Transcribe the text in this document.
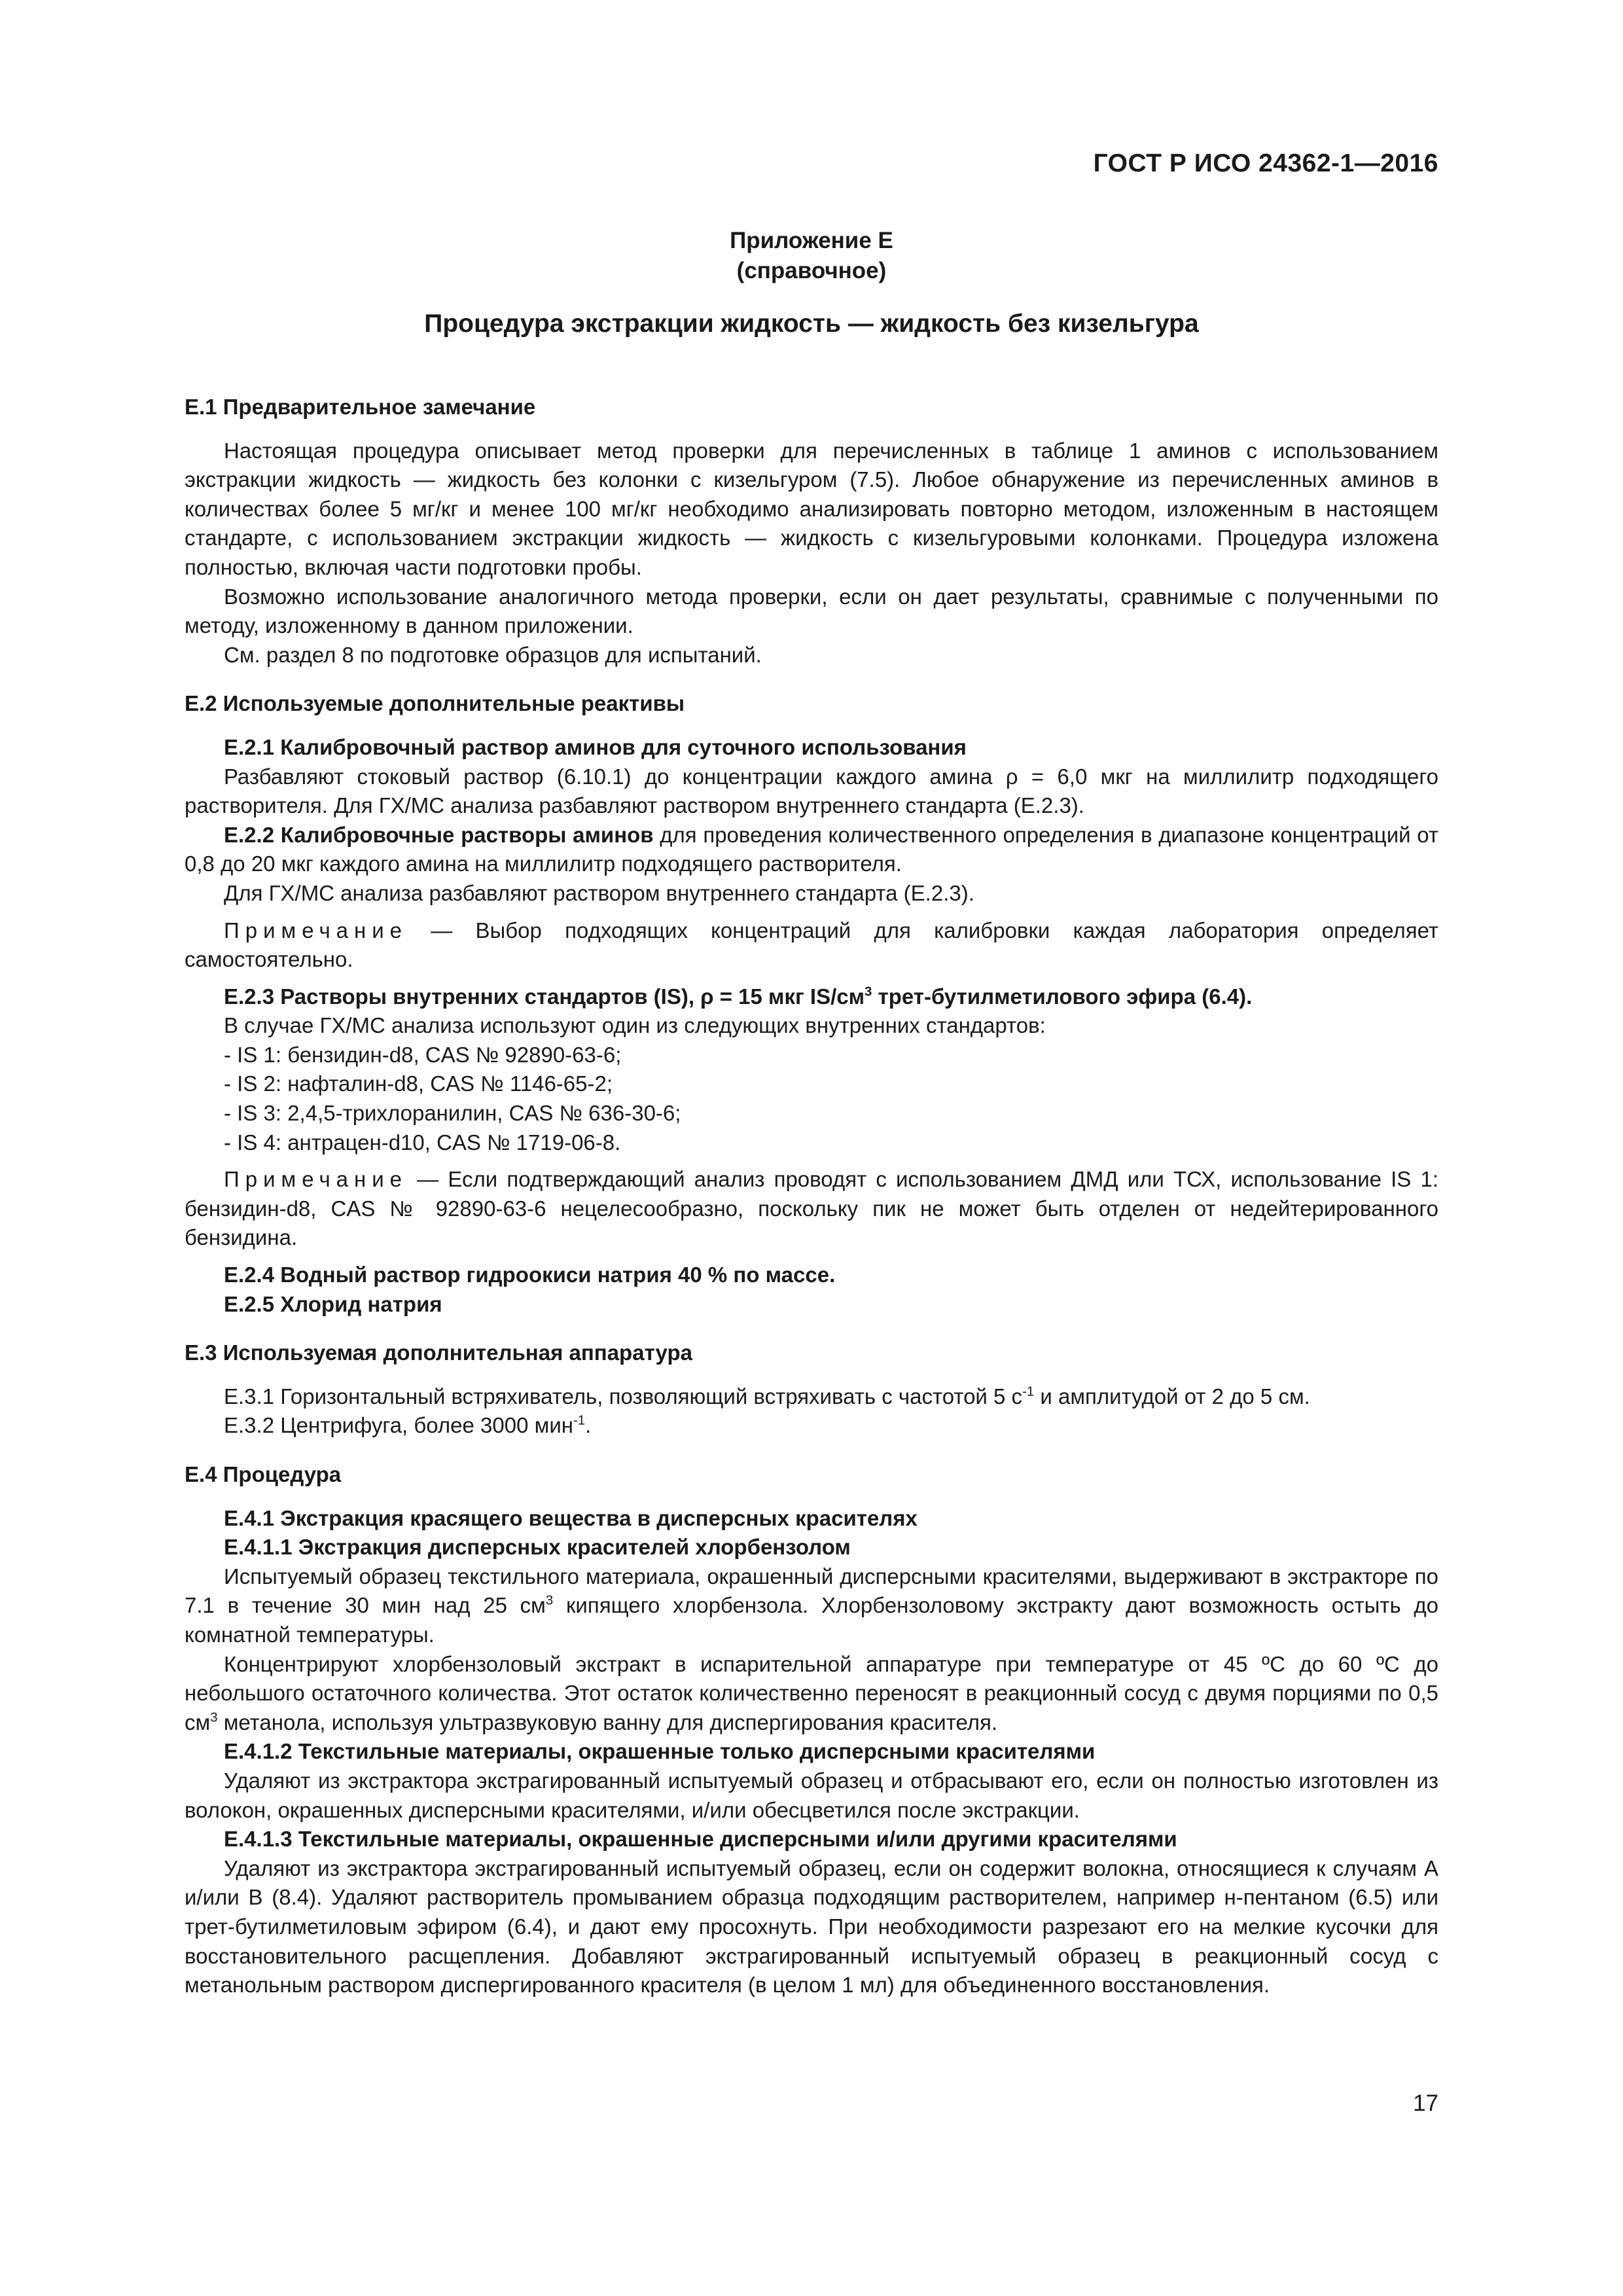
ГОСТ Р ИСО 24362-1—2016
Приложение Е
(справочное)
Процедура экстракции жидкость — жидкость без кизельгура

Е.1 Предварительное замечание

Настоящая процедура описывает метод проверки для перечисленных в таблице 1 аминов с использованием экстракции жидкость — жидкость без колонки с кизельгуром (7.5). Любое обнаружение из перечисленных аминов в количествах более 5 мг/кг и менее 100 мг/кг необходимо анализировать повторно методом, изложенным в настоящем стандарте, с использованием экстракции жидкость — жидкость с кизельгуровыми колонками. Процедура изложена полностью, включая части подготовки пробы.

Возможно использование аналогичного метода проверки, если он дает результаты, сравнимые с полученными по методу, изложенному в данном приложении.

См. раздел 8 по подготовке образцов для испытаний.

Е.2 Используемые дополнительные реактивы

Е.2.1 Калибровочный раствор аминов для суточного использования

Разбавляют стоковый раствор (6.10.1) до концентрации каждого амина ρ = 6,0 мкг на миллилитр подходящего растворителя. Для ГХ/МС анализа разбавляют раствором внутреннего стандарта (Е.2.3).

Е.2.2 Калибровочные растворы аминов для проведения количественного определения в диапазоне концентраций от 0,8 до 20 мкг каждого амина на миллилитр подходящего растворителя.

Для ГХ/МС анализа разбавляют раствором внутреннего стандарта (Е.2.3).

Примечание — Выбор подходящих концентраций для калибровки каждая лаборатория определяет самостоятельно.

Е.2.3 Растворы внутренних стандартов (IS), ρ = 15 мкг $IS/см^3$ трет-бутилметилового эфира (6.4).

В случае ГХ/МС анализа используют один из следующих внутренних стандартов:

- IS 1: бензидин-d8, CAS № 92890-63-6;

- IS 2: нафталин-d8, CAS № 1146-65-2;

- IS 3: 2,4,5-трихлоранилин, CAS № 636-30-6;

- IS 4: антрацен-d10, CAS № 1719-06-8.

Примечание — Если подтверждающий анализ проводят с использованием ДМД или ТСХ, использование IS 1: бензидин-d8, CAS № 92890-63-6 нецелесообразно, поскольку пик не может быть отделен от недейтерированного бензидина.

Е.2.4 Водный раствор гидроокиси натрия 40 % по массе.

Е.2.5 Хлорид натрия

Е.3 Используемая дополнительная аппаратура

Е.3.1 Горизонтальный встряхиватель, позволяющий встряхивать с частотой 5 $с^{-1}$ и амплитудой от 2 до 5 см.

Е.3.2 Центрифуга, более 3000 мин$^{-1}$.

Е.4 Процедура

Е.4.1 Экстракция красящего вещества в дисперсных красителях

Е.4.1.1 Экстракция дисперсных красителей хлорбензолом

Испытуемый образец текстильного материала, окрашенный дисперсными красителями, выдерживают в экстракторе по 7.1 в течение 30 мин над 25 $см^3$ кипящего хлорбензола. Хлорбензоловому экстракту дают возможность остыть до комнатной температуры.

Концентрируют хлорбензоловый экстракт в испарительной аппаратуре при температуре от 45 ºС до 60 ºС до небольшого остаточного количества. Этот остаток количественно переносят в реакционный сосуд с двумя порциями по 0,5 $см^3$ метанола, используя ультразвуковую ванну для диспергирования красителя.

Е.4.1.2 Текстильные материалы, окрашенные только дисперсными красителями

Удаляют из экстрактора экстрагированный испытуемый образец и отбрасывают его, если он полностью изготовлен из волокон, окрашенных дисперсными красителями, и/или обесцветился после экстракции.

Е.4.1.3 Текстильные материалы, окрашенные дисперсными и/или другими красителями

Удаляют из экстрактора экстрагированный испытуемый образец, если он содержит волокна, относящиеся к случаям А и/или В (8.4). Удаляют растворитель промыванием образца подходящим растворителем, например н-пентаном (6.5) или трет-бутилметиловым эфиром (6.4), и дают ему просохнуть. При необходимости разрезают его на мелкие кусочки для восстановительного расщепления. Добавляют экстрагированный испытуемый образец в реакционный сосуд с метанольным раствором диспергированного красителя (в целом 1 мл) для объединенного восстановления.

17
